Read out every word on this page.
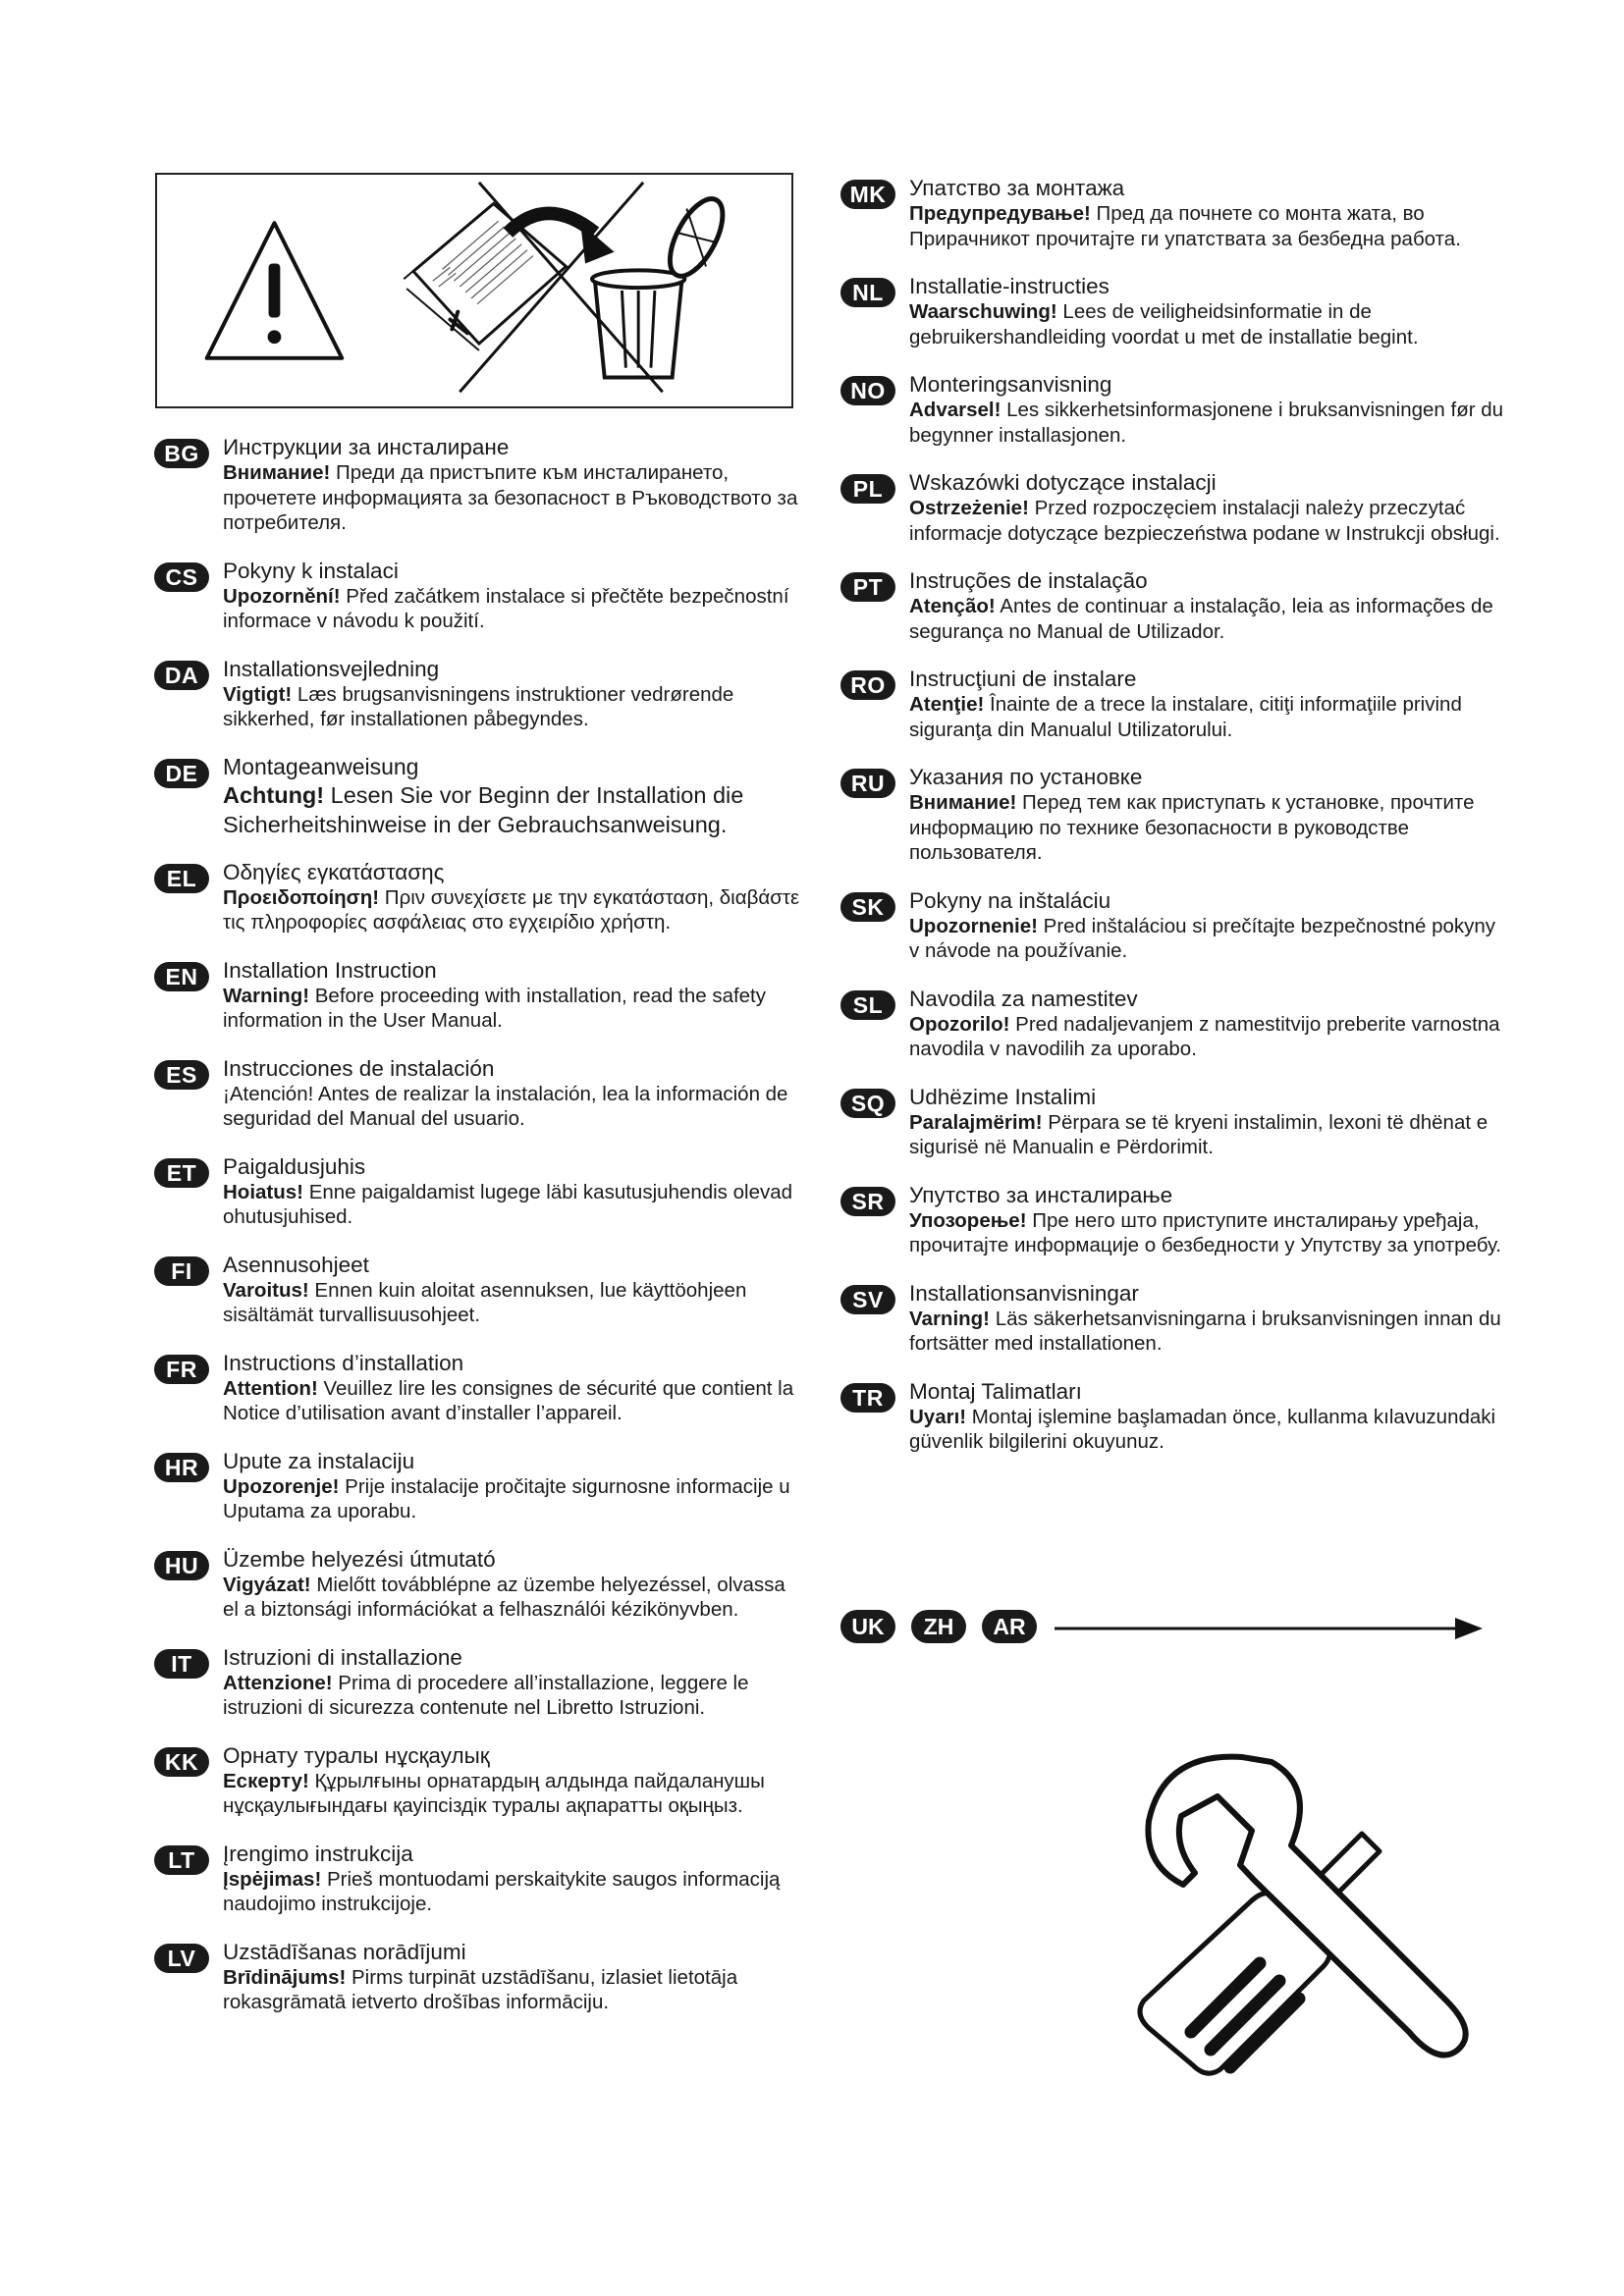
BG	Инструкции за инсталиране
Внимание! Преди да пристъпите към инсталирането, прочетете информацията за безопасност в Ръководството за потребителя.
CS	Pokyny k instalaci
Upozornění! Před začátkem instalace si přečtěte bezpečnostní informace v návodu k použití.
DA	Installationsvejledning
Vigtigt! Læs brugsanvisningens instruktioner vedrørende sikkerhed, før installationen påbegyndes.
DE	Montageanweisung
Achtung! Lesen Sie vor Beginn der Installation die Sicherheitshinweise in der Gebrauchsanweisung.
EL	Οδηγίες εγκατάστασης
Προειδοποίηση! Πριν συνεχίσετε με την εγκατάσταση, διαβάστε τις πληροφορίες ασφάλειας στο εγχειρίδιο χρήστη.
EN	Installation Instruction
Warning! Before proceeding with installation, read the safety information in the User Manual.
ES	Instrucciones de instalación
¡Atención! Antes de realizar la instalación, lea la información de seguridad del Manual del usuario.
ET	Paigaldusjuhis
Hoiatus! Enne paigaldamist lugege läbi kasutusjuhendis olevad ohutusjuhised.
FI	Asennusohjeet
Varoitus! Ennen kuin aloitat asennuksen, lue käyttöohjeen sisältämät turvallisuusohjeet.
FR	Instructions d’installation
Attention! Veuillez lire les consignes de sécurité que contient la Notice d’utilisation avant d’installer l’appareil.
HR	Upute za instalaciju
Upozorenje! Prije instalacije pročitajte sigurnosne informacije u Uputama za uporabu.
HU	Üzembe helyezési útmutató
Vigyázat! Mielőtt továbblépne az üzembe helyezéssel, olvassa el a biztonsági információkat a felhasználói kézikönyvben.
IT	Istruzioni di installazione
Attenzione! Prima di procedere all’installazione, leggere le istruzioni di sicurezza contenute nel Libretto Istruzioni.
KK	Орнату туралы нұсқаулық
Ескерту! Құрылғыны орнатардың алдында пайдаланушы нұсқаулығындағы қауіпсіздік туралы ақпаратты оқыңыз.
LT	Įrengimo instrukcija
Įspėjimas! Prieš montuodami perskaitykite saugos informaciją naudojimo instrukcijoje.
LV	Uzstādīšanas norādījumi
Brīdinājums! Pirms turpināt uzstādīšanu, izlasiet lietotāja rokasgrāmatā ietverto drošības informāciju.
MK	Упатство за монтажа
Предупредување! Пред да почнете со монта жата, во Прирачникот прочитајте ги упатствата за безбедна работа.
NL	Installatie-instructies
Waarschuwing! Lees de veiligheidsinformatie in de gebruikershandleiding voordat u met de installatie begint.
NO	Monteringsanvisning
Advarsel! Les sikkerhetsinformasjonene i bruksanvisningen før du begynner installasjonen.
PL	Wskazówki dotyczące instalacji
Ostrzeżenie! Przed rozpoczęciem instalacji należy przeczytać informacje dotyczące bezpieczeństwa podane w Instrukcji obsługi.
PT	Instruções de instalação
Atenção! Antes de continuar a instalação, leia as informações de segurança no Manual de Utilizador.
RO	Instrucţiuni de instalare
Atenţie! Înainte de a trece la instalare, citiţi informaţiile privind siguranţa din Manualul Utilizatorului.
RU	Указания по установке
Внимание! Перед тем как приступать к установке, прочтите информацию по технике безопасности в руководстве пользователя.
SK	Pokyny na inštaláciu
Upozornenie! Pred inštaláciou si prečítajte bezpečnostné pokyny v návode na používanie.
SL	Navodila za namestitev
Opozorilo! Pred nadaljevanjem z namestitvijo preberite varnostna navodila v navodilih za uporabo.
SQ	Udhëzime Instalimi
Paralajmërim! Përpara se të kryeni instalimin, lexoni të dhënat e sigurisë në Manualin e Përdorimit.
SR	Упутство за инсталирање
Упозорење! Пре него што приступите инсталирању уређаја, прочитајте информације о безбедности у Упутству за употребу.
SV	Installationsanvisningar
Varning! Läs säkerhetsanvisningarna i bruksanvisningen innan du fortsätter med installationen.
TR	Montaj Talimatları
Uyarı! Montaj işlemine başlamadan önce, kullanma kılavuzundaki güvenlik bilgilerini okuyunuz.
UK	ZH	AR
